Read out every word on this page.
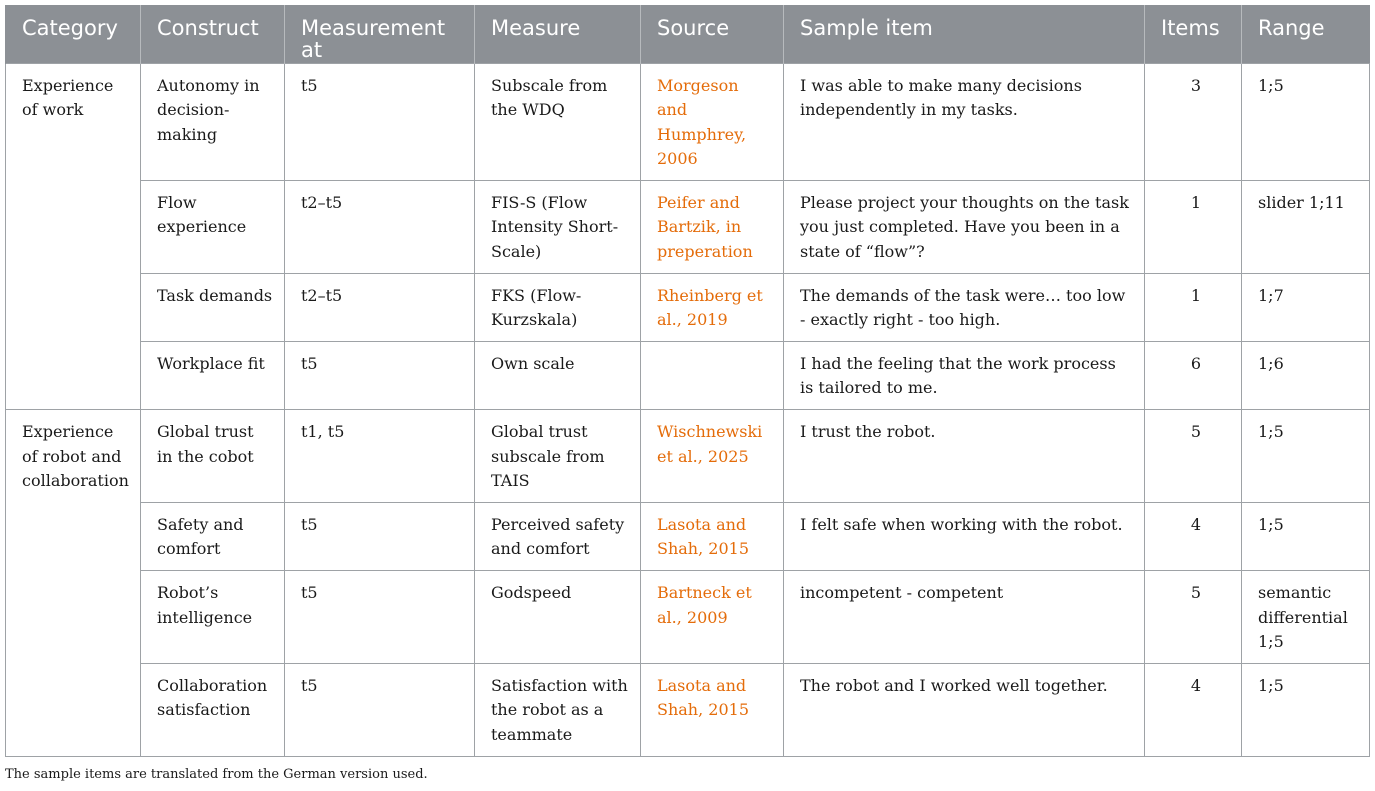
Category	Construct	Measurement at	Measure	Source	Sample item	Items	Range
Experience of work	Autonomy in decision-making	t5	Subscale from the WDQ	Morgeson and Humphrey, 2006	I was able to make many decisions independently in my tasks.	3	1;5
	Flow experience	t2–t5	FIS-S (Flow Intensity Short-Scale)	Peifer and Bartzik, in preperation	Please project your thoughts on the task you just completed. Have you been in a state of “flow”?	1	slider 1;11
	Task demands	t2–t5	FKS (Flow-Kurzskala)	Rheinberg et al., 2019	The demands of the task were… too low - exactly right - too high.	1	1;7
	Workplace fit	t5	Own scale		I had the feeling that the work process is tailored to me.	6	1;6
Experience of robot and collaboration	Global trust in the cobot	t1, t5	Global trust subscale from TAIS	Wischnewski et al., 2025	I trust the robot.	5	1;5
	Safety and comfort	t5	Perceived safety and comfort	Lasota and Shah, 2015	I felt safe when working with the robot.	4	1;5
	Robot’s intelligence	t5	Godspeed	Bartneck et al., 2009	incompetent - competent	5	semantic differential 1;5
	Collaboration satisfaction	t5	Satisfaction with the robot as a teammate	Lasota and Shah, 2015	The robot and I worked well together.	4	1;5
The sample items are translated from the German version used.
